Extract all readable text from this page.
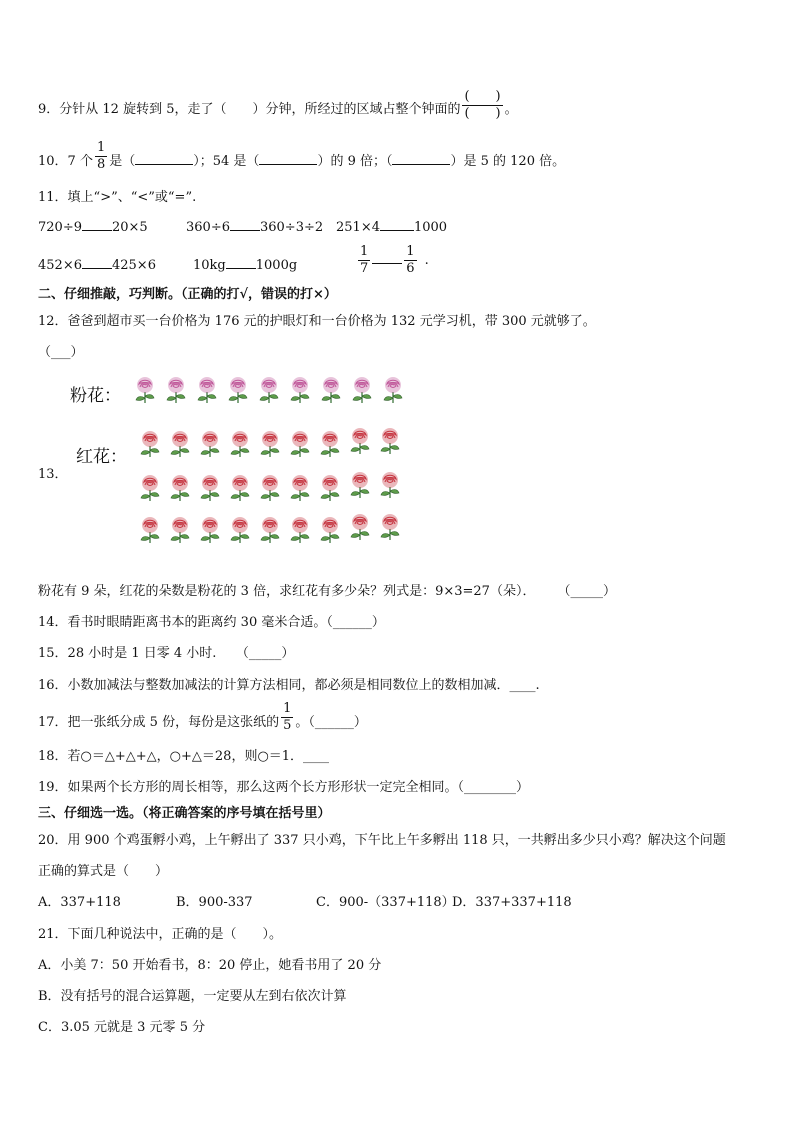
9．分针从 12 旋转到 5，走了（　　）分钟，所经过的区域占整个钟面的 $\frac{( )}{( )}$ 。
10．7 个 $\frac{1}{8}$ 是（	）；54 是（	）的 9 倍；（	）是 5 的 120 倍。
11．填上“>”、“<”或“=”.
720÷9 20×5	360÷6 360÷3÷2 251×4	1000
452×6 425×6	10kg 1000g	$\frac{1}{7}$	$\frac{1}{6}$ .
二、仔细推敲，巧判断。（正确的打√，错误的打×）
12．爸爸到超市买一台价格为 176 元的护眼灯和一台价格为 132 元学习机，带 300 元就够了。
（___）
粉花：
红花：
13．
粉花有 9 朵，红花的朵数是粉花的 3 倍，求红花有多少朵？列式是：9×3=27（朵）． （_____）
14．看书时眼睛距离书本的距离约 30 毫米合适。（______）
15．28 小时是 1 日零 4 小时.　　（_____）
16．小数加减法与整数加减法的计算方法相同，都必须是相同数位上的数相加减．____.
17．把一张纸分成 5 份，每份是这张纸的 $\frac{1}{5}$ 。（______）
18．若○＝△+△+△，○+△＝28，则○＝1．____
19．如果两个长方形的周长相等，那么这两个长方形形状一定完全相同。（________）
三、仔细选一选。（将正确答案的序号填在括号里）
20．用 900 个鸡蛋孵小鸡，上午孵出了 337 只小鸡，下午比上午多孵出 118 只，一共孵出多少只小鸡？解决这个问题
正确的算式是（　　）
A．337+118	B．900-337	C．900-（337+118）
D．337+337+118
21．下面几种说法中，正确的是（　　）。
A．小美 7：50 开始看书，8：20 停止，她看书用了 20 分
B．没有括号的混合运算题，一定要从左到右依次计算
C．3.05 元就是 3 元零 5 分
